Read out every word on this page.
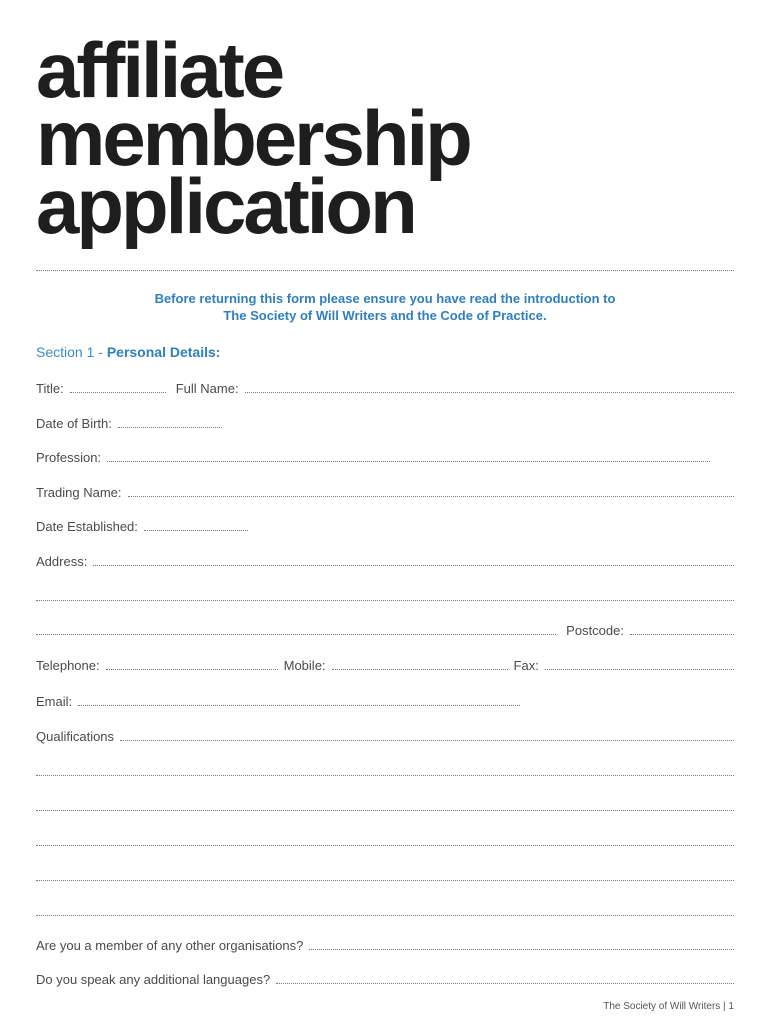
affiliate
membership
application
Before returning this form please ensure you have read the introduction to
The Society of Will Writers and the Code of Practice.
Section 1 - Personal Details:
Title:	Full Name:
Date of Birth:
Profession:
Trading Name:
Date Established:
Address:
Postcode:
Telephone:	Mobile:	Fax:
Email:
Qualifications
Are you a member of any other organisations?
Do you speak any additional languages?
The Society of Will Writers | 1
